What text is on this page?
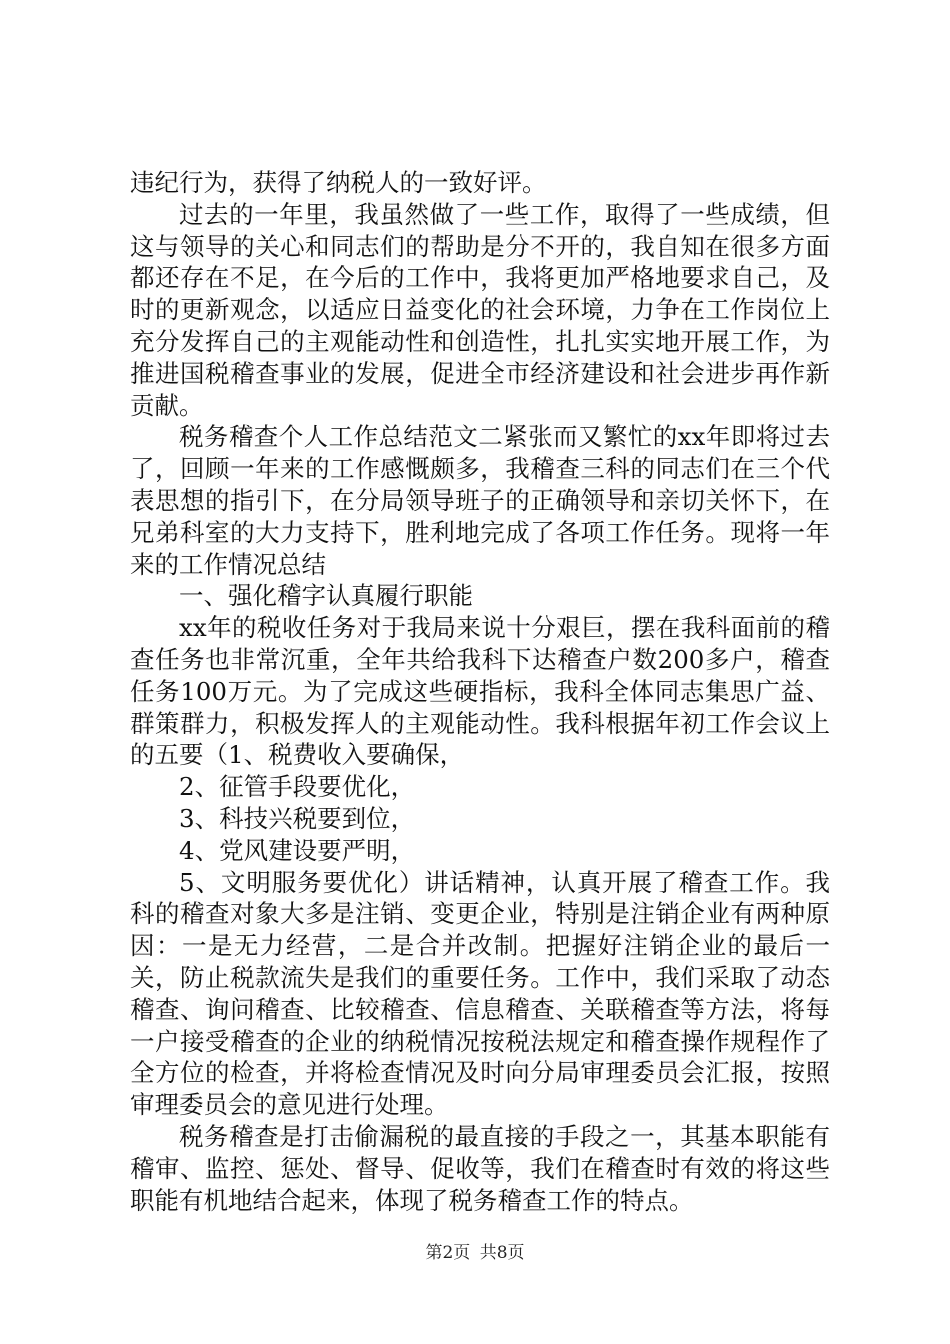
违纪行为，获得了纳税人的一致好评。

过去的一年里，我虽然做了一些工作，取得了一些成绩，但这与领导的关心和同志们的帮助是分不开的，我自知在很多方面都还存在不足，在今后的工作中，我将更加严格地要求自己，及时的更新观念，以适应日益变化的社会环境，力争在工作岗位上充分发挥自己的主观能动性和创造性，扎扎实实地开展工作，为推进国税稽查事业的发展，促进全市经济建设和社会进步再作新贡献。

税务稽查个人工作总结范文二紧张而又繁忙的xx年即将过去了，回顾一年来的工作感慨颇多，我稽查三科的同志们在三个代表思想的指引下，在分局领导班子的正确领导和亲切关怀下，在兄弟科室的大力支持下，胜利地完成了各项工作任务。现将一年来的工作情况总结

一、强化稽字认真履行职能

xx年的税收任务对于我局来说十分艰巨，摆在我科面前的稽查任务也非常沉重，全年共给我科下达稽查户数200多户，稽查任务100万元。为了完成这些硬指标，我科全体同志集思广益、群策群力，积极发挥人的主观能动性。我科根据年初工作会议上的五要（1、税费收入要确保，

2、征管手段要优化，

3、科技兴税要到位，

4、党风建设要严明，

5、文明服务要优化）讲话精神，认真开展了稽查工作。我科的稽查对象大多是注销、变更企业，特别是注销企业有两种原因：一是无力经营，二是合并改制。把握好注销企业的最后一关，防止税款流失是我们的重要任务。工作中，我们采取了动态稽查、询问稽查、比较稽查、信息稽查、关联稽查等方法，将每一户接受稽查的企业的纳税情况按税法规定和稽查操作规程作了全方位的检查，并将检查情况及时向分局审理委员会汇报，按照审理委员会的意见进行处理。

税务稽查是打击偷漏税的最直接的手段之一，其基本职能有稽审、监控、惩处、督导、促收等，我们在稽查时有效的将这些职能有机地结合起来，体现了税务稽查工作的特点。

第2页 共8页
